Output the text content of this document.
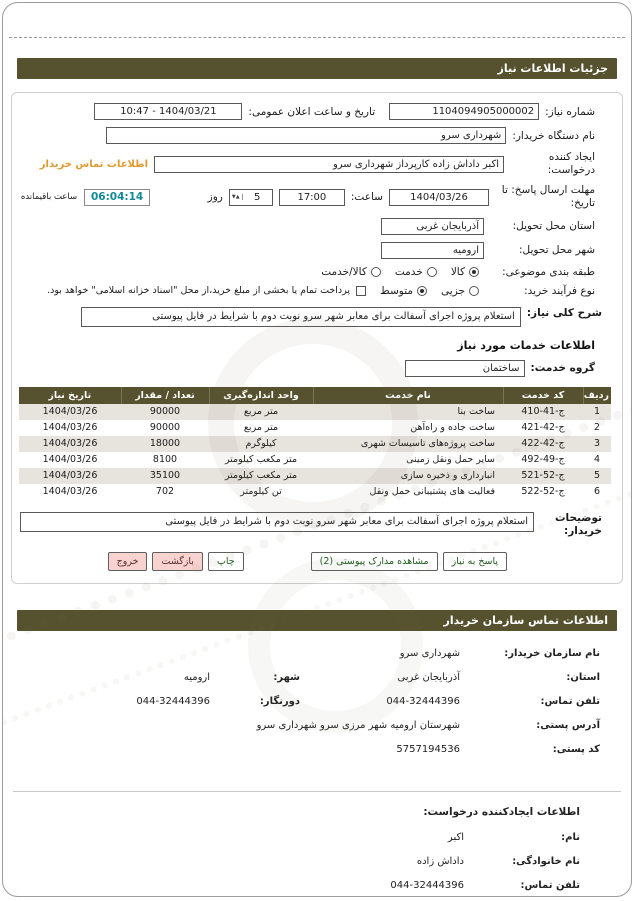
جزئیات اطلاعات نیاز
شماره نیاز:
1104094905000002
تاریخ و ساعت اعلان عمومی:
1404/03/21 - 10:47
نام دستگاه خریدار:
شهرداری سرو
ایجاد کننده درخواست:
اکبر داداش زاده کارپرداز شهرداری سرو
اطلاعات تماس خریدار
مهلت ارسال پاسخ: تا تاریخ:
1404/03/26
ساعت:
17:00
5
▲▼
روز
06:04:14
ساعت باقیمانده
استان محل تحویل:
آذربایجان غربی
شهر محل تحویل:
ارومیه
طبقه بندی موضوعی:
کالا
خدمت
کالا/خدمت
نوع فرآیند خرید:
جزیی
متوسط
پرداخت تمام یا بخشی از مبلغ خرید،از محل "اسناد خزانه اسلامی" خواهد بود.
شرح کلی نیاز:
استعلام پروژه اجرای آسفالت برای معابر شهر سرو نوبت دوم با شرایط در فایل پیوستی
اطلاعات خدمات مورد نیاز
گروه خدمت:
ساختمان
ردیف	کد خدمت	نام خدمت	واحد اندازه‌گیری	تعداد / مقدار	تاریخ نیاز
1	ج-41-410	ساخت بنا	متر مربع	90000	1404/03/26
2	ج-42-421	ساخت جاده و راه‌آهن	متر مربع	90000	1404/03/26
3	ج-42-422	ساخت پروژه‌های تاسیسات شهری	کیلوگرم	18000	1404/03/26
4	ج-49-492	سایر حمل ونقل زمینی	متر مکعب کیلومتر	8100	1404/03/26
5	ج-52-521	انبارداری و ذخیره سازی	متر مکعب کیلومتر	35100	1404/03/26
6	ج-52-522	فعالیت های پشتیبانی حمل ونقل	تن کیلومتر	702	1404/03/26
توضیحات خریدار:
استعلام پروژه اجرای آسفالت برای معابر شهر سرو نوبت دوم با شرایط در فایل پیوستی
پاسخ به نیاز
مشاهده مدارک پیوستی (2)
چاپ
بازگشت
خروج
اطلاعات تماس سازمان خریدار
نام سازمان خریدار:
شهرداری سرو
استان:
آذربایجان غربی
شهر:
ارومیه
تلفن تماس:
044-32444396
دورنگار:
044-32444396
آدرس پستی:
شهرستان ارومیه شهر مرزی سرو شهرداری سرو
کد پستی:
5757194536
اطلاعات ایجادکننده درخواست:
نام:
اکبر
نام خانوادگی:
داداش زاده
تلفن تماس:
044-32444396
